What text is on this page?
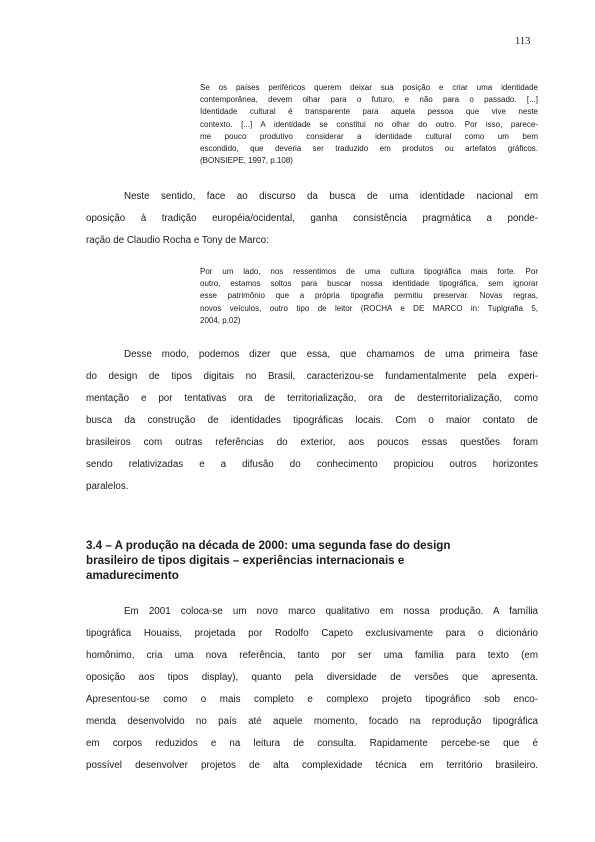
113
Se os países periféricos querem deixar sua posição e criar uma identidade
contemporânea, devem olhar para o futuro, e não para o passado. [...]
Identidade cultural é transparente para aquela pessoa que vive neste
contexto. [...] A identidade se constitui no olhar do outro. Por isso, parece-
me pouco produtivo considerar a identidade cultural como um bem
escondido, que deveria ser traduzido em produtos ou artefatos gráficos.
(BONSIEPE, 1997, p.108)
Neste sentido, face ao discurso da busca de uma identidade nacional em
oposição à tradição européia/ocidental, ganha consistência pragmática a ponde-
ração de Claudio Rocha e Tony de Marco:
Por um lado, nos ressentimos de uma cultura tipográfica mais forte. Por
outro, estamos soltos para buscar nossa identidade tipográfica, sem ignorar
esse patrimônio que a própria tipografia permitiu preservar. Novas regras,
novos veículos, outro tipo de leitor (ROCHA e DE MARCO in: Tupigrafia 5,
2004, p.02)
Desse modo, podemos dizer que essa, que chamamos de uma primeira fase
do design de tipos digitais no Brasil, caracterizou-se fundamentalmente pela experi-
mentação e por tentativas ora de territorialização, ora de desterritorialização, como
busca da construção de identidades tipográficas locais. Com o maior contato de
brasileiros com outras referências do exterior, aos poucos essas questões foram
sendo relativizadas e a difusão do conhecimento propiciou outros horizontes
paralelos.
3.4 – A produção na década de 2000: uma segunda fase do design
brasileiro de tipos digitais – experiências internacionais e
amadurecimento
Em 2001 coloca-se um novo marco qualitativo em nossa produção. A família
tipográfica Houaiss, projetada por Rodolfo Capeto exclusivamente para o dicionário
homônimo, cria uma nova referência, tanto por ser uma família para texto (em
oposição aos tipos display), quanto pela diversidade de versões que apresenta.
Apresentou-se como o mais completo e complexo projeto tipográfico sob enco-
menda desenvolvido no país até aquele momento, focado na reprodução tipográfica
em corpos reduzidos e na leitura de consulta. Rapidamente percebe-se que é
possível desenvolver projetos de alta complexidade técnica em território brasileiro.
